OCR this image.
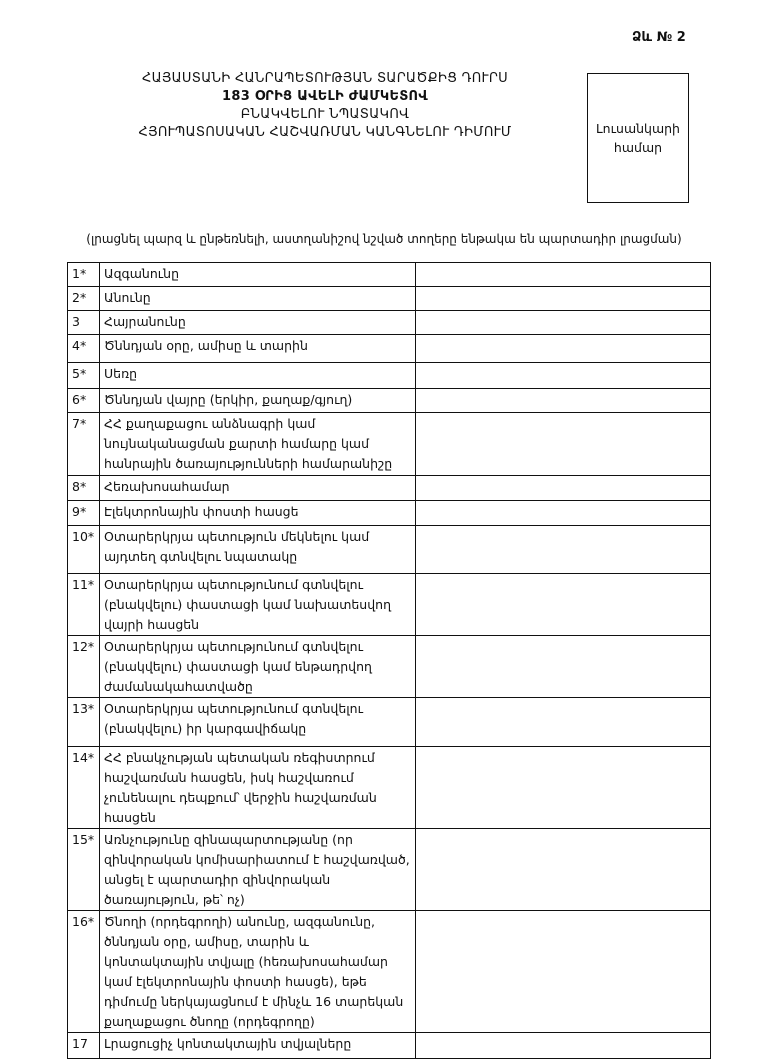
Ձև № 2
ՀԱՅԱՍՏԱՆԻ ՀԱՆՐԱՊԵՏՈՒԹՅԱՆ ՏԱՐԱԾՔԻՑ ԴՈՒՐՍ
183 ՕՐԻՑ ԱՎԵԼԻ ԺԱՄԿԵՏՈՎ
ԲՆԱԿՎԵԼՈՒ ՆՊԱՏԱԿՈՎ
ՀՅՈՒՊԱՏՈՍԱԿԱՆ ՀԱՇՎԱՌՄԱՆ ԿԱՆԳՆԵԼՈՒ ԴԻՄՈՒՄ	Լուսանկարի
համար
(լրացնել պարզ և ընթեռնելի, աստղանիշով նշված տողերը ենթակա են պարտադիր լրացման)
1*	Ազգանունը	
2*	Անունը	
3	Հայրանունը	
4*	Ծննդյան օրը, ամիսը և տարին	
5*	Սեռը	
6*	Ծննդյան վայրը (երկիր, քաղաք/գյուղ)	
7*	ՀՀ քաղաքացու անձնագրի կամ նույնականացման քարտի համարը կամ հանրային ծառայությունների համարանիշը	
8*	Հեռախոսահամար	
9*	Էլեկտրոնային փոստի հասցե	
10*	Օտարերկրյա պետություն մեկնելու կամ այդտեղ գտնվելու նպատակը	
11*	Օտարերկրյա պետությունում գտնվելու (բնակվելու) փաստացի կամ նախատեսվող վայրի հասցեն	
12*	Օտարերկրյա պետությունում գտնվելու (բնակվելու) փաստացի կամ ենթադրվող ժամանակահատվածը	
13*	Օտարերկրյա պետությունում գտնվելու (բնակվելու) իր կարգավիճակը	
14*	ՀՀ բնակչության պետական ռեգիստրում հաշվառման հասցեն, իսկ հաշվառում չունենալու դեպքում՝ վերջին հաշվառման հասցեն	
15*	Առնչությունը զինապարտությանը (որ զինվորական կոմիսարիատում է հաշվառված, անցել է պարտադիր զինվորական ծառայություն, թե՝ ոչ)	
16*	Ծնողի (որդեգրողի) անունը, ազգանունը, ծննդյան օրը, ամիսը, տարին և կոնտակտային տվյալը (հեռախոսահամար կամ էլեկտրոնային փոստի հասցե), եթե դիմումը ներկայացնում է մինչև 16 տարեկան քաղաքացու ծնողը (որդեգրողը)	
17	Լրացուցիչ կոնտակտային տվյալները	
